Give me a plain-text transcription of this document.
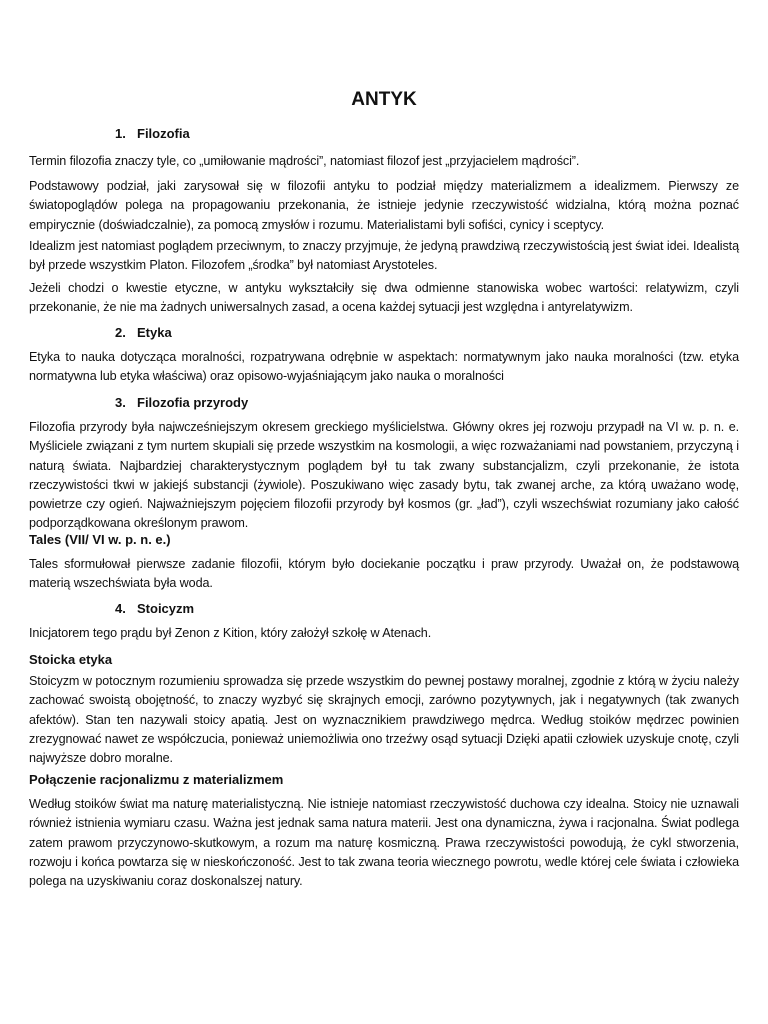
ANTYK
1. Filozofia
Termin filozofia znaczy tyle, co „umiłowanie mądrości”, natomiast filozof jest „przyjacielem mądrości”.
Podstawowy podział, jaki zarysował się w filozofii antyku to podział między materializmem a idealizmem. Pierwszy ze światopoglądów polega na propagowaniu przekonania, że istnieje jedynie rzeczywistość widzialna, którą można poznać empirycznie (doświadczalnie), za pomocą zmysłów i rozumu. Materialistami byli sofiści, cynicy i sceptycy.
Idealizm jest natomiast poglądem przeciwnym, to znaczy przyjmuje, że jedyną prawdziwą rzeczywistością jest świat idei. Idealistą był przede wszystkim Platon. Filozofem „środka” był natomiast Arystoteles.
Jeżeli chodzi o kwestie etyczne, w antyku wykształciły się dwa odmienne stanowiska wobec wartości: relatywizm, czyli przekonanie, że nie ma żadnych uniwersalnych zasad, a ocena każdej sytuacji jest względna i antyrelatywizm.
2. Etyka
Etyka to nauka dotycząca moralności, rozpatrywana odrębnie w aspektach: normatywnym jako nauka moralności (tzw. etyka normatywna lub etyka właściwa) oraz opisowo-wyjaśniającym jako nauka o moralności
3. Filozofia przyrody
Filozofia przyrody była najwcześniejszym okresem greckiego myślicielstwa. Główny okres jej rozwoju przypadł na VI w. p. n. e. Myśliciele związani z tym nurtem skupiali się przede wszystkim na kosmologii, a więc rozważaniami nad powstaniem, przyczyną i naturą świata. Najbardziej charakterystycznym poglądem był tu tak zwany substancjalizm, czyli przekonanie, że istota rzeczywistości tkwi w jakiejś substancji (żywiole). Poszukiwano więc zasady bytu, tak zwanej arche, za którą uważano wodę, powietrze czy ogień. Najważniejszym pojęciem filozofii przyrody był kosmos (gr. „ład”), czyli wszechświat rozumiany jako całość podporządkowana określonym prawom.
Tales (VII/ VI w. p. n. e.)
Tales sformułował pierwsze zadanie filozofii, którym było dociekanie początku i praw przyrody. Uważał on, że podstawową materią wszechświata była woda.
4. Stoicyzm
Inicjatorem tego prądu był Zenon z Kition, który założył szkołę w Atenach.
Stoicka etyka
Stoicyzm w potocznym rozumieniu sprowadza się przede wszystkim do pewnej postawy moralnej, zgodnie z którą w życiu należy zachować swoistą obojętność, to znaczy wyzbyć się skrajnych emocji, zarówno pozytywnych, jak i negatywnych (tak zwanych afektów). Stan ten nazywali stoicy apatią. Jest on wyznacznikiem prawdziwego mędrca. Według stoików mędrzec powinien zrezygnować nawet ze współczucia, ponieważ uniemożliwia ono trzeźwy osąd sytuacji Dzięki apatii człowiek uzyskuje cnotę, czyli najwyższe dobro moralne.
Połączenie racjonalizmu z materializmem
Według stoików świat ma naturę materialistyczną. Nie istnieje natomiast rzeczywistość duchowa czy idealna. Stoicy nie uznawali również istnienia wymiaru czasu. Ważna jest jednak sama natura materii. Jest ona dynamiczna, żywa i racjonalna. Świat podlega zatem prawom przyczynowo-skutkowym, a rozum ma naturę kosmiczną. Prawa rzeczywistości powodują, że cykl stworzenia, rozwoju i końca powtarza się w nieskończoność. Jest to tak zwana teoria wiecznego powrotu, wedle której cele świata i człowieka polega na uzyskiwaniu coraz doskonalszej natury.
